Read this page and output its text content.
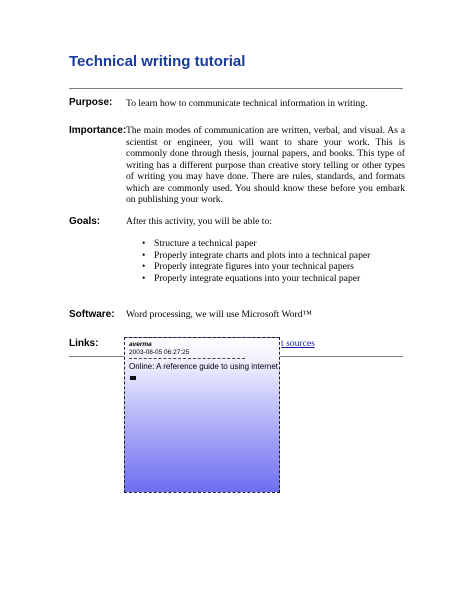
Technical writing tutorial
Purpose: To learn how to communicate technical information in writing.
Importance: The main modes of communication are written, verbal, and visual. As a scientist or engineer, you will want to share your work. This is commonly done through thesis, journal papers, and books. This type of writing has a different purpose than creative story telling or other types of writing you may have done. There are rules, standards, and formats which are commonly used. You should know these before you embark on publishing your work.
Goals:	After this activity, you will be able to:
• Structure a technical paper
• Properly integrate charts and plots into a technical paper
• Properly integrate figures into your technical papers
• Properly integrate equations into your technical paper
Software: Word processing, we will use Microsoft Word™
Links:	t sources
averma
2003-08-05 06:27:25
Online: A reference guide to using internet
